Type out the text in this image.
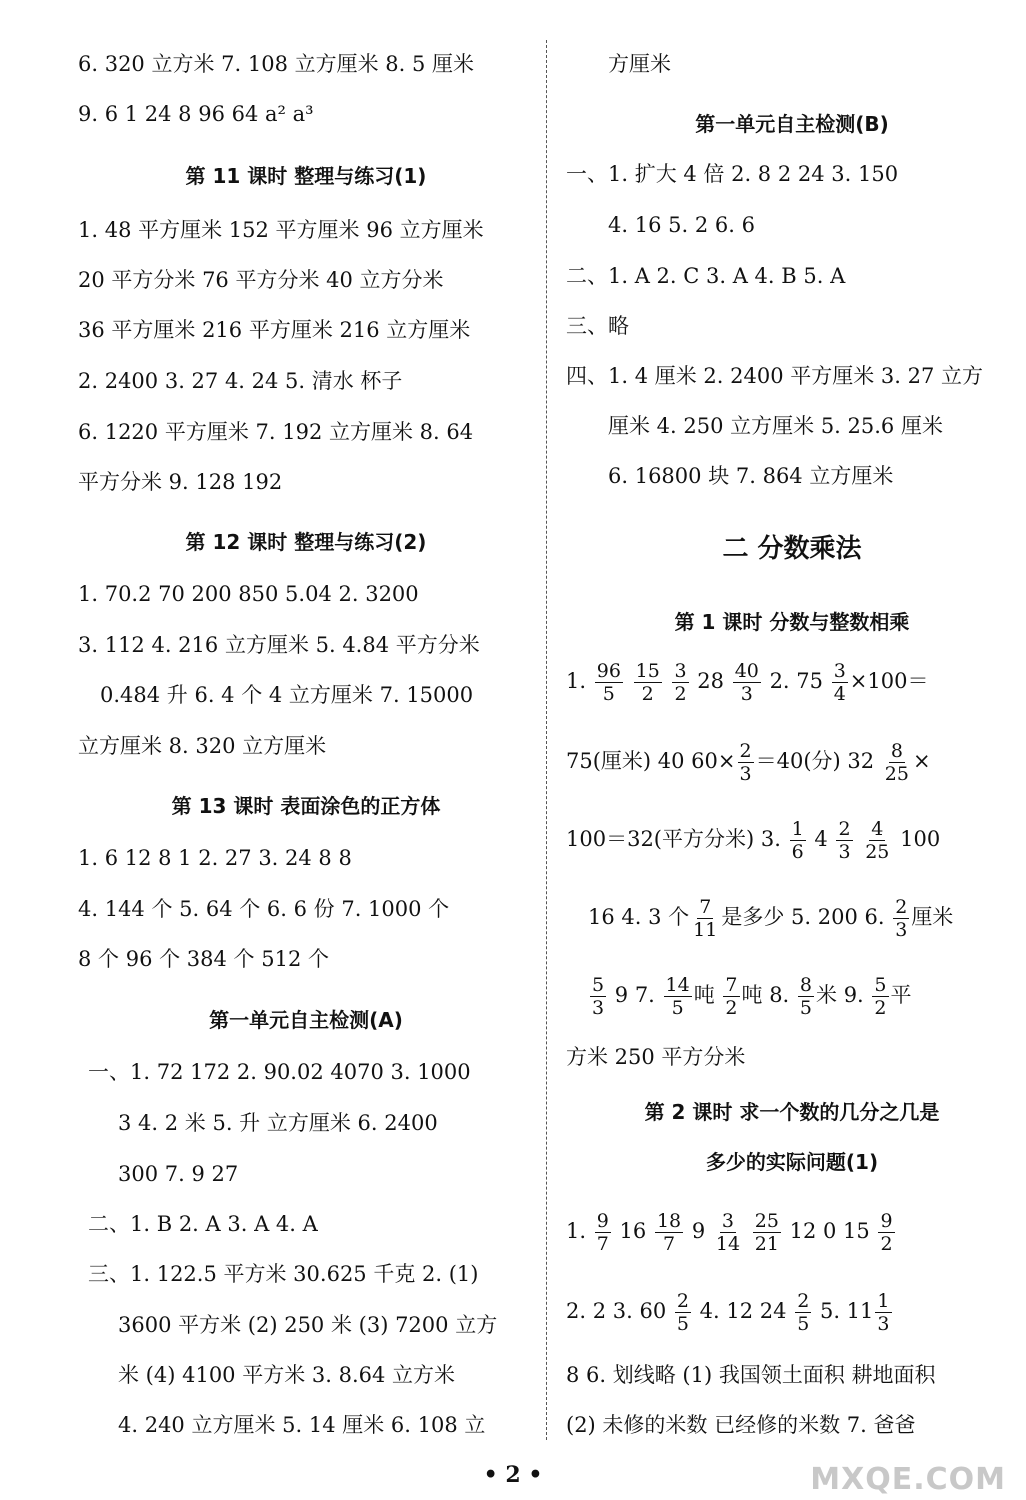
6. 320 立方米 7. 108 立方厘米 8. 5 厘米
9. 6 1 24 8 96 64 a² a³
第 11 课时 整理与练习(1)
1. 48 平方厘米 152 平方厘米 96 立方厘米
20 平方分米 76 平方分米 40 立方分米
36 平方厘米 216 平方厘米 216 立方厘米
2. 2400 3. 27 4. 24 5. 清水 杯子
6. 1220 平方厘米 7. 192 立方厘米 8. 64
平方分米 9. 128 192
第 12 课时 整理与练习(2)
1. 70.2 70 200 850 5.04 2. 3200
3. 112 4. 216 立方厘米 5. 4.84 平方分米
0.484 升 6. 4 个 4 立方厘米 7. 15000
立方厘米 8. 320 立方厘米
第 13 课时 表面涂色的正方体
1. 6 12 8 1 2. 27 3. 24 8 8
4. 144 个 5. 64 个 6. 6 份 7. 1000 个
8 个 96 个 384 个 512 个
第一单元自主检测(A)
一、1. 72 172 2. 90.02 4070 3. 1000
3 4. 2 米 5. 升 立方厘米 6. 2400
300 7. 9 27
二、1. B 2. A 3. A 4. A
三、1. 122.5 平方米 30.625 千克 2. (1)
3600 平方米 (2) 250 米 (3) 7200 立方
米 (4) 4100 平方米 3. 8.64 立方米
4. 240 立方厘米 5. 14 厘米 6. 108 立
方厘米
第一单元自主检测(B)
一、1. 扩大 4 倍 2. 8 2 24 3. 150
4. 16 5. 2 6. 6
二、1. A 2. C 3. A 4. B 5. A
三、略
四、1. 4 厘米 2. 2400 平方厘米 3. 27 立方
厘米 4. 250 立方厘米 5. 25.6 厘米
6. 16800 块 7. 864 立方厘米
二 分数乘法
第 1 课时 分数与整数相乘
1. $\frac{96}{5}$
$\frac{15}{2}$
$\frac{3}{2} 28 \frac{40}{3} 2$. $75 \frac{3}{4} \times 100=$
75(厘米) 40 $60\times \frac{2}{3} =40$(分) $32 \frac{8}{25}$ ×
100＝32(平方分米) 3. $\frac{1}{6} 4 \frac{2}{3}$
$\frac{4}{25} 100$
16 4. 3 个 $\frac{7}{11}$ 是多少 5. 200 6. $\frac{2}{3}$ 厘米
$\frac{5}{3} 9$ 7. $\frac{14}{5}$ 吨 $\frac{7}{2}$ 吨 8. $\frac{8}{5}$ 米 9. $\frac{5}{2}$ 平
方米 250 平方分米
第 2 课时 求一个数的几分之几是
多少的实际问题(1)
1. $\frac{9}{7} 16 \frac{18}{7} 9 \frac{3}{14}$
$\frac{25}{21} 12$ 0 $15 \frac{9}{2}$
2. 2 3. $60 \frac{2}{5} 4$. 12 $24 \frac{2}{5} 5$. $11 \frac{1}{3}$
8 6. 划线略 (1) 我国领土面积 耕地面积
(2) 未修的米数 已经修的米数 7. 爸爸
• 2 •	MXQE.COM
